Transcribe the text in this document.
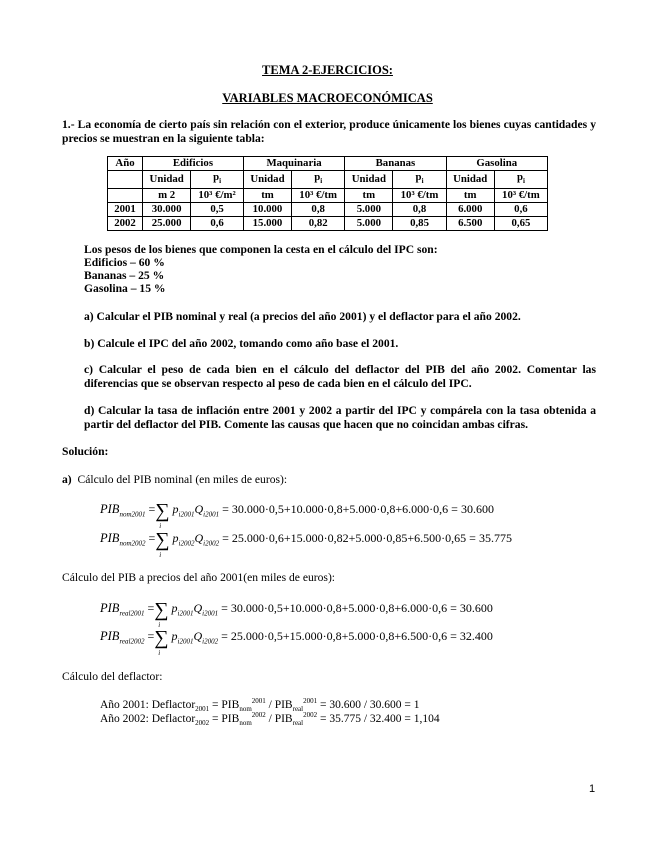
TEMA 2-EJERCICIOS:
VARIABLES MACROECONÓMICAS

1.- La economía de cierto país sin relación con el exterior, produce únicamente los bienes cuyas cantidades y precios se muestran en la siguiente tabla:

Año	Edificios		Maquinaria		Bananas		Gasolina	
	Unidad	$p_i$	Unidad	$p_i$	Unidad	$p_i$	Unidad	$p_i$
	m 2	10³ €/m²	tm	10³ €/tm	tm	10³ €/tm	tm	10³ €/tm
2001	30.000	0,5	10.000	0,8	5.000	0,8	6.000	0,6
2002	25.000	0,6	15.000	0,82	5.000	0,85	6.500	0,65

Los pesos de los bienes que componen la cesta en el cálculo del IPC son:

Edificios – 60 %

Bananas – 25 %

Gasolina – 15 %

a) Calcular el PIB nominal y real (a precios del año 2001) y el deflactor para el año 2002.

b) Calcule el IPC del año 2002, tomando como año base el 2001.

c) Calcular el peso de cada bien en el cálculo del deflactor del PIB del año 2002. Comentar las diferencias que se observan respecto al peso de cada bien en el cálculo del IPC.

d) Calcular la tasa de inflación entre 2001 y 2002 a partir del IPC y compárela con la tasa obtenida a partir del deflactor del PIB. Comente las causas que hacen que no coincidan ambas cifras.

Solución:

a) Cálculo del PIB nominal (en miles de euros):

$PIB_{nom2001}$ =∑
i
$p_{i2001}Q_{i2001} = 30.000\cdot 0,5+10.000\cdot 0,8+5.000\cdot 0,8+6.000\cdot 0,6 = 30.600$
$PIB_{nom2002}$ =∑
i
$p_{i2002}Q_{i2002} = 25.000\cdot 0,6+15.000\cdot 0,82+5.000\cdot 0,85+6.500\cdot 0,65 = 35.775$

Cálculo del PIB a precios del año 2001(en miles de euros):

$PIB_{real2001}$ =∑
i
$p_{i2001}Q_{i2001} = 30.000\cdot 0,5+10.000\cdot 0,8+5.000\cdot 0,8+6.000\cdot 0,6 = 30.600$
$PIB_{real2002}$ =∑
i
$p_{i2001}Q_{i2002} = 25.000\cdot 0,5+15.000\cdot 0,8+5.000\cdot 0,8+6.500\cdot 0,6 = 32.400$

Cálculo del deflactor:

Año 2001: Deflactor$_{2001}$ = $PIB_{nom}^{2001} / PIB_{real}^{2001} = 30.600 / 30.600 = 1$
Año 2002: Deflactor$_{2002}$ = $PIB_{nom}^{2002} / PIB_{real}^{2002} = 35.775 / 32.400 = 1,104$
1
